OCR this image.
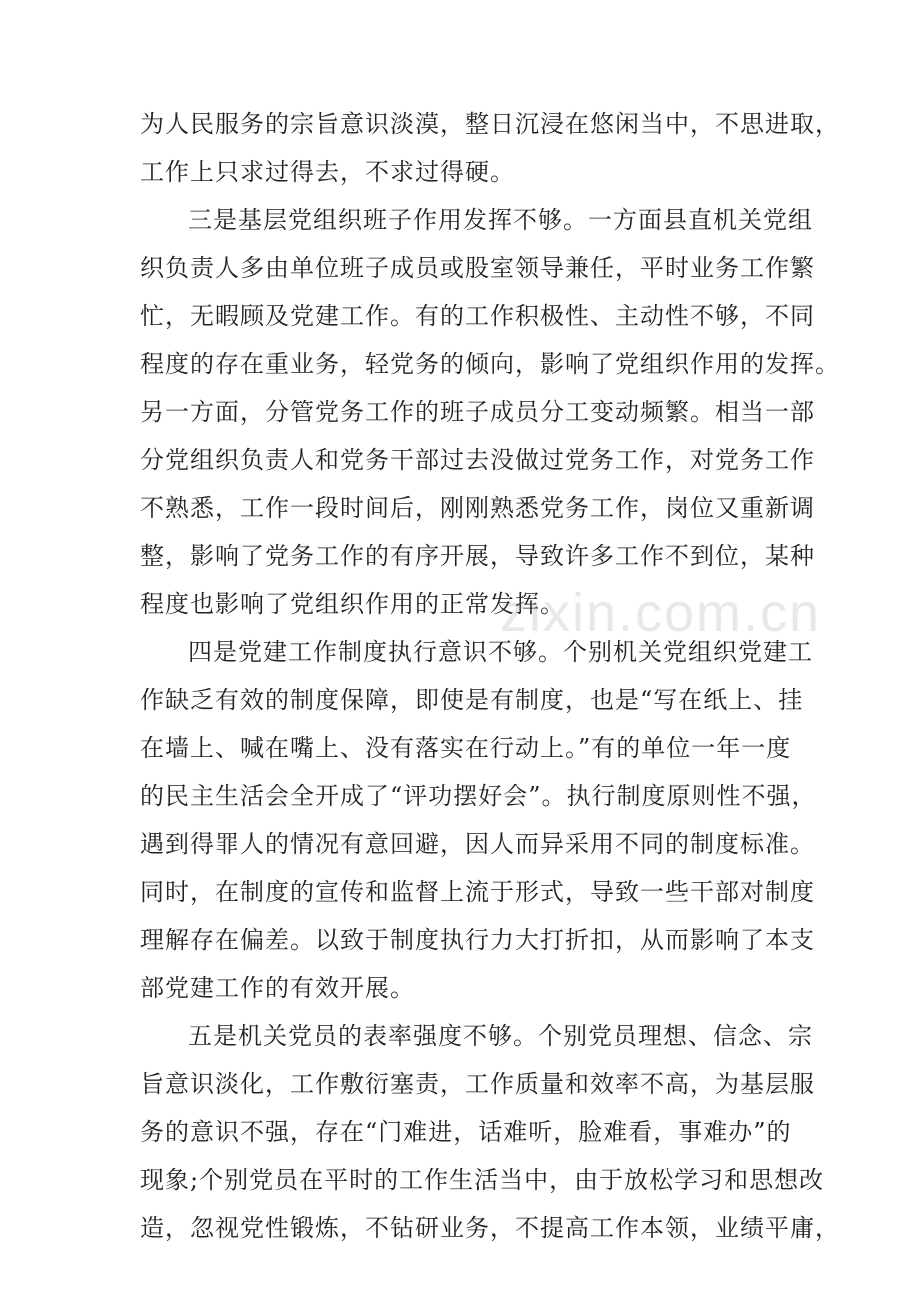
为人民服务的宗旨意识淡漠，整日沉浸在悠闲当中，不思进取，
工作上只求过得去，不求过得硬。
三是基层党组织班子作用发挥不够。一方面县直机关党组
织负责人多由单位班子成员或股室领导兼任，平时业务工作繁
忙，无暇顾及党建工作。有的工作积极性、主动性不够，不同
程度的存在重业务，轻党务的倾向，影响了党组织作用的发挥。
另一方面，分管党务工作的班子成员分工变动频繁。相当一部
分党组织负责人和党务干部过去没做过党务工作，对党务工作
不熟悉，工作一段时间后，刚刚熟悉党务工作，岗位又重新调
整，影响了党务工作的有序开展，导致许多工作不到位，某种
程度也影响了党组织作用的正常发挥。
四是党建工作制度执行意识不够。个别机关党组织党建工
作缺乏有效的制度保障，即使是有制度，也是“写在纸上、挂
在墙上、喊在嘴上、没有落实在行动上。”有的单位一年一度
的民主生活会全开成了“评功摆好会”。执行制度原则性不强，
遇到得罪人的情况有意回避，因人而异采用不同的制度标准。
同时，在制度的宣传和监督上流于形式，导致一些干部对制度
理解存在偏差。以致于制度执行力大打折扣，从而影响了本支
部党建工作的有效开展。
五是机关党员的表率强度不够。个别党员理想、信念、宗
旨意识淡化，工作敷衍塞责，工作质量和效率不高，为基层服
务的意识不强，存在“门难进，话难听，脸难看，事难办”的
现象;个别党员在平时的工作生活当中，由于放松学习和思想改
造，忽视党性锻炼，不钻研业务，不提高工作本领，业绩平庸，
zixin.com.cn
